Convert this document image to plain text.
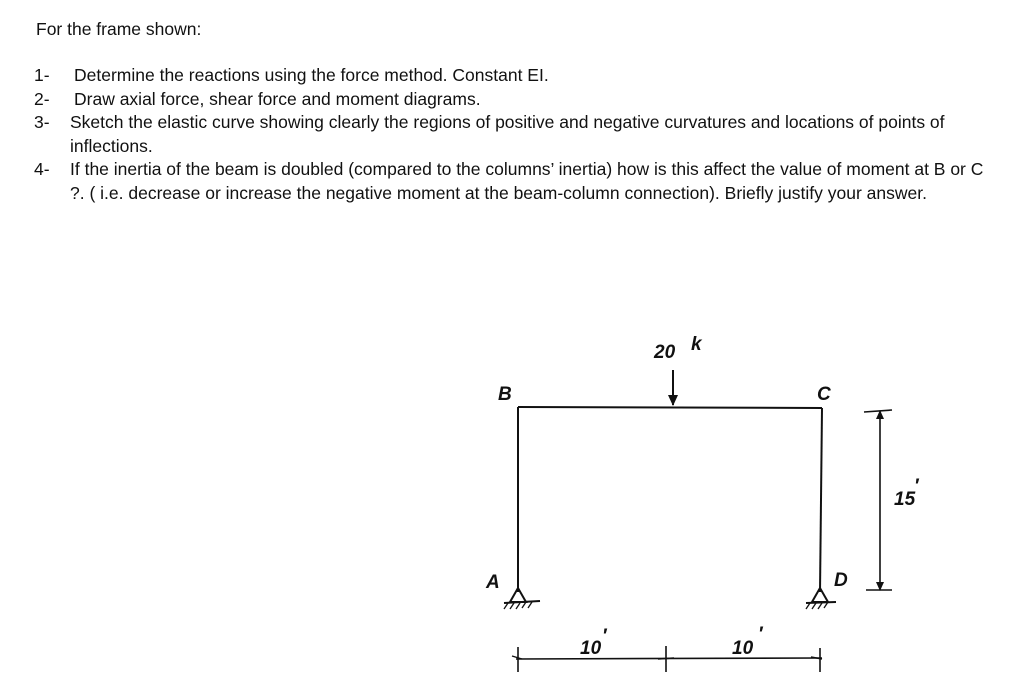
For the frame shown:

1- Determine the reactions using the force method. Constant EI.
2- Draw axial force, shear force and moment diagrams.
3- Sketch the elastic curve showing clearly the regions of positive and negative curvatures and locations of points of inflections.
4- If the inertia of the beam is doubled (compared to the columns’ inertia) how is this affect the value of moment at B or C ?. ( i.e. decrease or increase the negative moment at the beam-column connection). Briefly justify your answer.
20 k
B	C
A	D
15
′
10
′
10
′
